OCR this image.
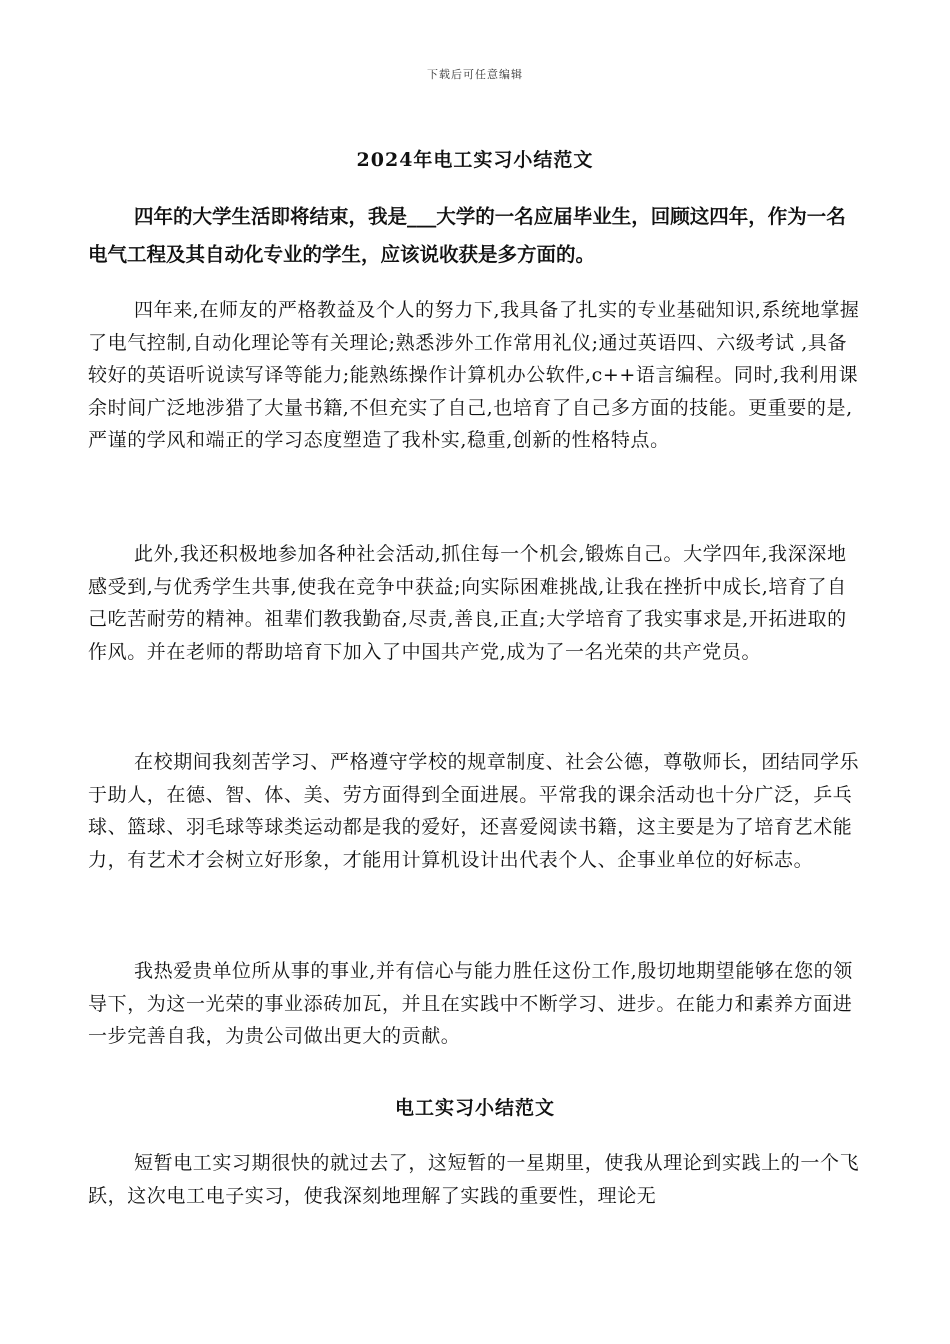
下载后可任意编辑
2024年电工实习小结范文
四年的大学生活即将结束，我是___大学的一名应届毕业生，回顾这四年，作为一名电气工程及其自动化专业的学生，应该说收获是多方面的。
四年来,在师友的严格教益及个人的努力下,我具备了扎实的专业基础知识,系统地掌握了电气控制,自动化理论等有关理论;熟悉涉外工作常用礼仪;通过英语四、六级考试 ,具备较好的英语听说读写译等能力;能熟练操作计算机办公软件,c++语言编程。同时,我利用课余时间广泛地涉猎了大量书籍,不但充实了自己,也培育了自己多方面的技能。更重要的是,严谨的学风和端正的学习态度塑造了我朴实,稳重,创新的性格特点。
此外,我还积极地参加各种社会活动,抓住每一个机会,锻炼自己。大学四年,我深深地感受到,与优秀学生共事,使我在竞争中获益;向实际困难挑战,让我在挫折中成长,培育了自己吃苦耐劳的精神。祖辈们教我勤奋,尽责,善良,正直;大学培育了我实事求是,开拓进取的作风。并在老师的帮助培育下加入了中国共产党,成为了一名光荣的共产党员。
在校期间我刻苦学习、严格遵守学校的规章制度、社会公德，尊敬师长，团结同学乐于助人，在德、智、体、美、劳方面得到全面进展。平常我的课余活动也十分广泛，乒乓球、篮球、羽毛球等球类运动都是我的爱好，还喜爱阅读书籍，这主要是为了培育艺术能力，有艺术才会树立好形象，才能用计算机设计出代表个人、企事业单位的好标志。
我热爱贵单位所从事的事业,并有信心与能力胜任这份工作,殷切地期望能够在您的领导下，为这一光荣的事业添砖加瓦，并且在实践中不断学习、进步。在能力和素养方面进一步完善自我，为贵公司做出更大的贡献。
电工实习小结范文
短暂电工实习期很快的就过去了，这短暂的一星期里，使我从理论到实践上的一个飞跃，这次电工电子实习，使我深刻地理解了实践的重要性，理论无
